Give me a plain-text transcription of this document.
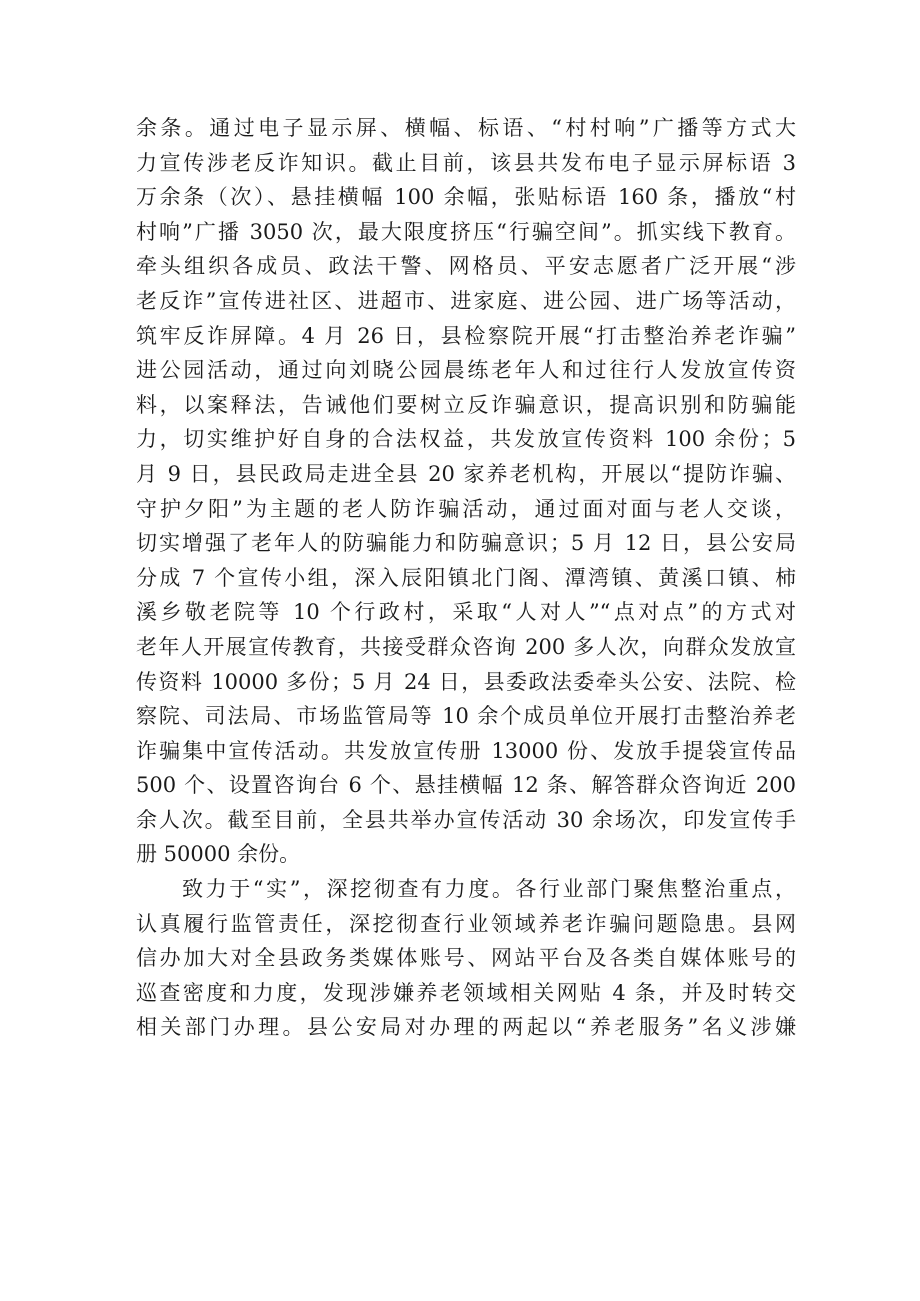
余条。通过电子显示屏、横幅、标语、“村村响”广播等方式大
力宣传涉老反诈知识。截止目前，该县共发布电子显示屏标语 3
万余条（次）、悬挂横幅 100 余幅，张贴标语 160 条，播放“村
村响”广播 3050 次，最大限度挤压“行骗空间”。抓实线下教育。
牵头组织各成员、政法干警、网格员、平安志愿者广泛开展“涉
老反诈”宣传进社区、进超市、进家庭、进公园、进广场等活动，
筑牢反诈屏障。4 月 26 日，县检察院开展“打击整治养老诈骗”
进公园活动，通过向刘晓公园晨练老年人和过往行人发放宣传资
料，以案释法，告诫他们要树立反诈骗意识，提高识别和防骗能
力，切实维护好自身的合法权益，共发放宣传资料 100 余份；5
月 9 日，县民政局走进全县 20 家养老机构，开展以“提防诈骗、
守护夕阳”为主题的老人防诈骗活动，通过面对面与老人交谈，
切实增强了老年人的防骗能力和防骗意识；5 月 12 日，县公安局
分成 7 个宣传小组，深入辰阳镇北门阁、潭湾镇、黄溪口镇、柿
溪乡敬老院等 10 个行政村，采取“人对人”“点对点”的方式对
老年人开展宣传教育，共接受群众咨询 200 多人次，向群众发放宣
传资料 10000 多份；5 月 24 日，县委政法委牵头公安、法院、检
察院、司法局、市场监管局等 10 余个成员单位开展打击整治养老
诈骗集中宣传活动。共发放宣传册 13000 份、发放手提袋宣传品
500 个、设置咨询台 6 个、悬挂横幅 12 条、解答群众咨询近 200
余人次。截至目前，全县共举办宣传活动 30 余场次，印发宣传手
册 50000 余份。
致力于“实”，深挖彻查有力度。各行业部门聚焦整治重点，
认真履行监管责任，深挖彻查行业领域养老诈骗问题隐患。县网
信办加大对全县政务类媒体账号、网站平台及各类自媒体账号的
巡查密度和力度，发现涉嫌养老领域相关网贴 4 条，并及时转交
相关部门办理。县公安局对办理的两起以“养老服务”名义涉嫌
